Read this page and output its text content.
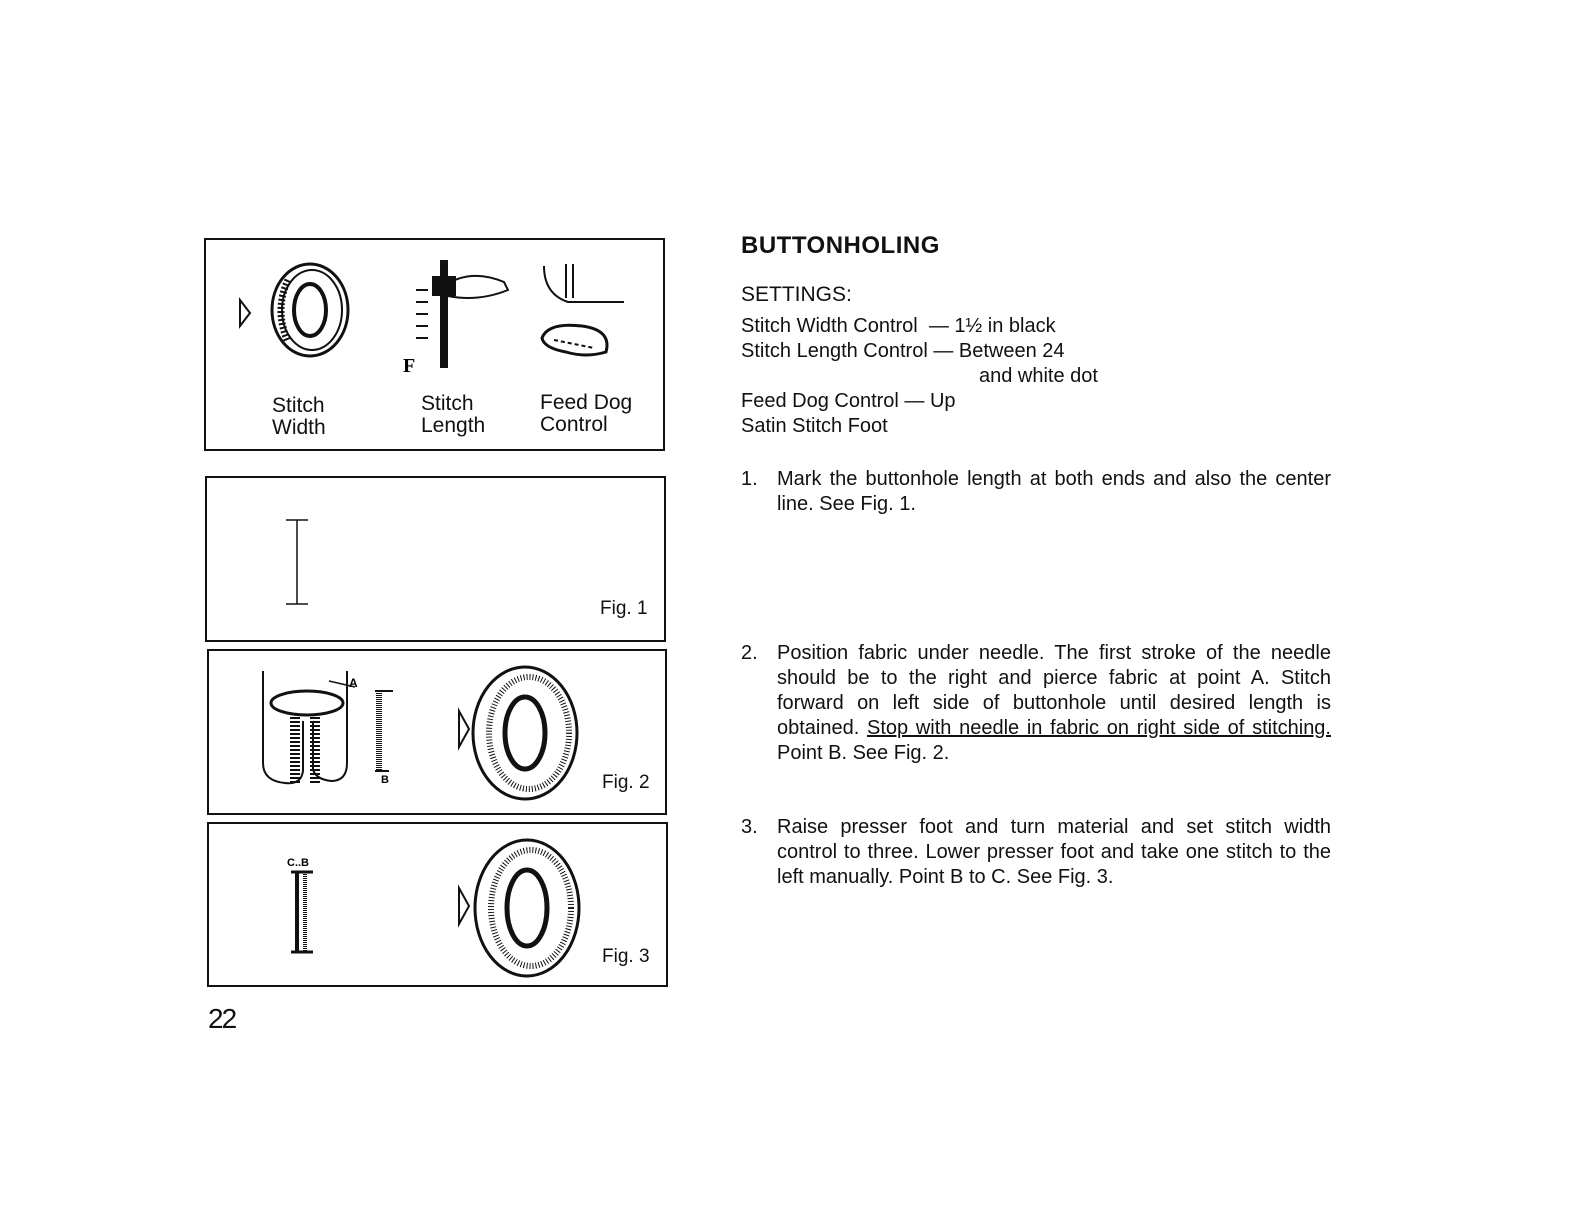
F
Stitch
Width
Stitch
Length
Feed Dog
Control
Fig. 1
A
B	Fig. 2
C..B
Fig. 3
22
BUTTONHOLING
SETTINGS:
Stitch Width Control  — 1½ in black
Stitch Length Control — Between 24
and white dot
Feed Dog Control — Up
Satin Stitch Foot
1. Mark the buttonhole length at both ends and also the center line. See Fig. 1.
2. Position fabric under needle. The first stroke of the needle should be to the right and pierce fabric at point A. Stitch forward on left side of buttonhole until desired length is obtained. Stop with needle in fabric on right side of stitching. Point B. See Fig. 2.
3. Raise presser foot and turn material and set stitch width control to three. Lower presser foot and take one stitch to the left manually. Point B to C. See Fig. 3.
